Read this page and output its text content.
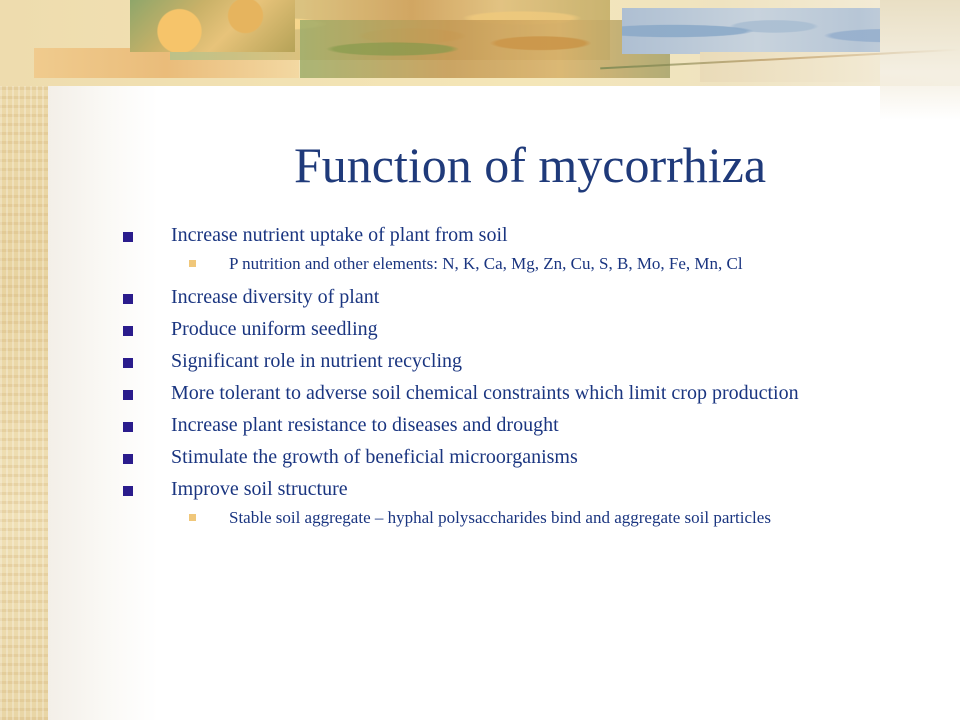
Function of mycorrhiza
Increase nutrient uptake of plant from soil
P nutrition and other elements: N, K, Ca, Mg, Zn, Cu, S, B, Mo, Fe, Mn, Cl
Increase diversity of plant
Produce uniform seedling
Significant role in nutrient recycling
More tolerant to adverse soil chemical constraints which limit crop production
Increase plant resistance to diseases and drought
Stimulate the growth of beneficial microorganisms
Improve soil structure
Stable soil aggregate – hyphal polysaccharides bind and aggregate soil particles
